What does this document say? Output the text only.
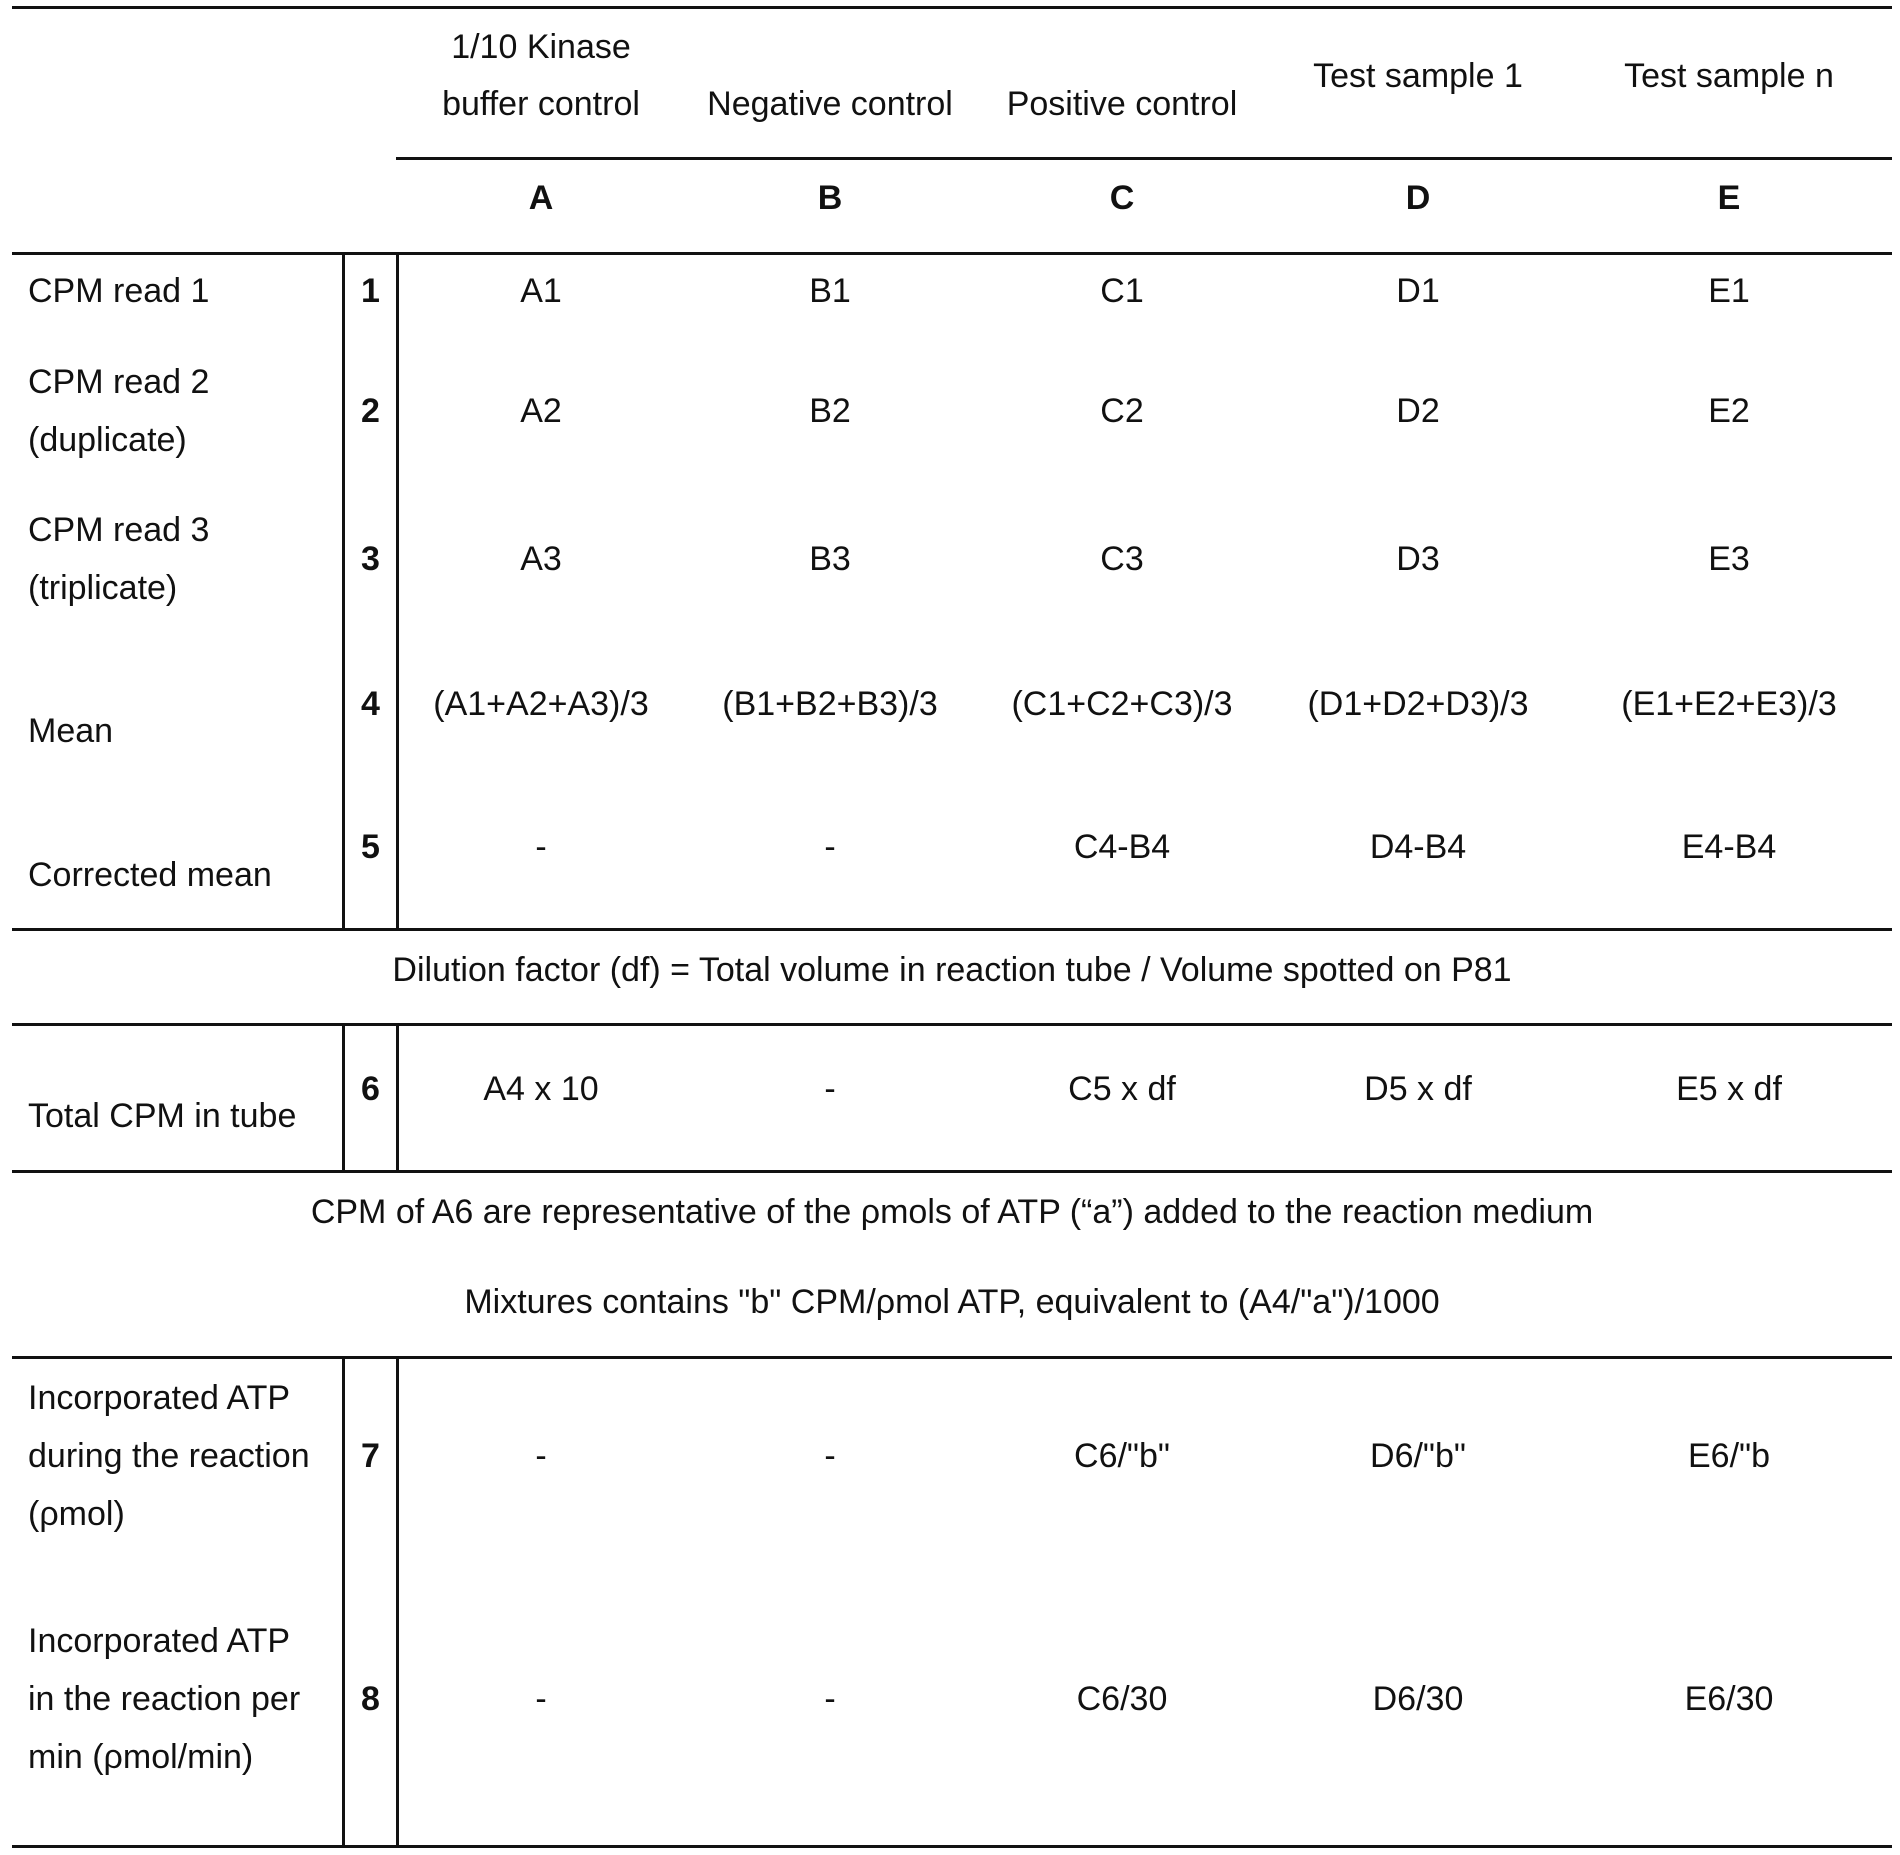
1/10 Kinase
buffer control	Negative control	Positive control
Test sample 1	Test sample n
A	B	C	D	E
CPM read 1	1	A1	B1	C1	D1	E1
CPM read 2
(duplicate)
2	A2	B2	C2	D2	E2
CPM read 3
(triplicate)
3	A3	B3	C3	D3	E3
Mean
4	(A1+A2+A3)/3	(B1+B2+B3)/3	(C1+C2+C3)/3	(D1+D2+D3)/3	(E1+E2+E3)/3
Corrected mean
5	-	-	C4-B4	D4-B4	E4-B4
Dilution factor (df) = Total volume in reaction tube / Volume spotted on P81
Total CPM in tube
6	A4 x 10	-	C5 x df	D5 x df	E5 x df
CPM of A6 are representative of the ρmols of ATP (“a”) added to the reaction medium
Mixtures contains "b" CPM/ρmol ATP, equivalent to (A4/"a")/1000
Incorporated ATP
during the reaction
(ρmol)
7	-	-	C6/"b"	D6/"b"	E6/"b
Incorporated ATP
in the reaction per
min (ρmol/min)
8	-	-	C6/30	D6/30	E6/30
